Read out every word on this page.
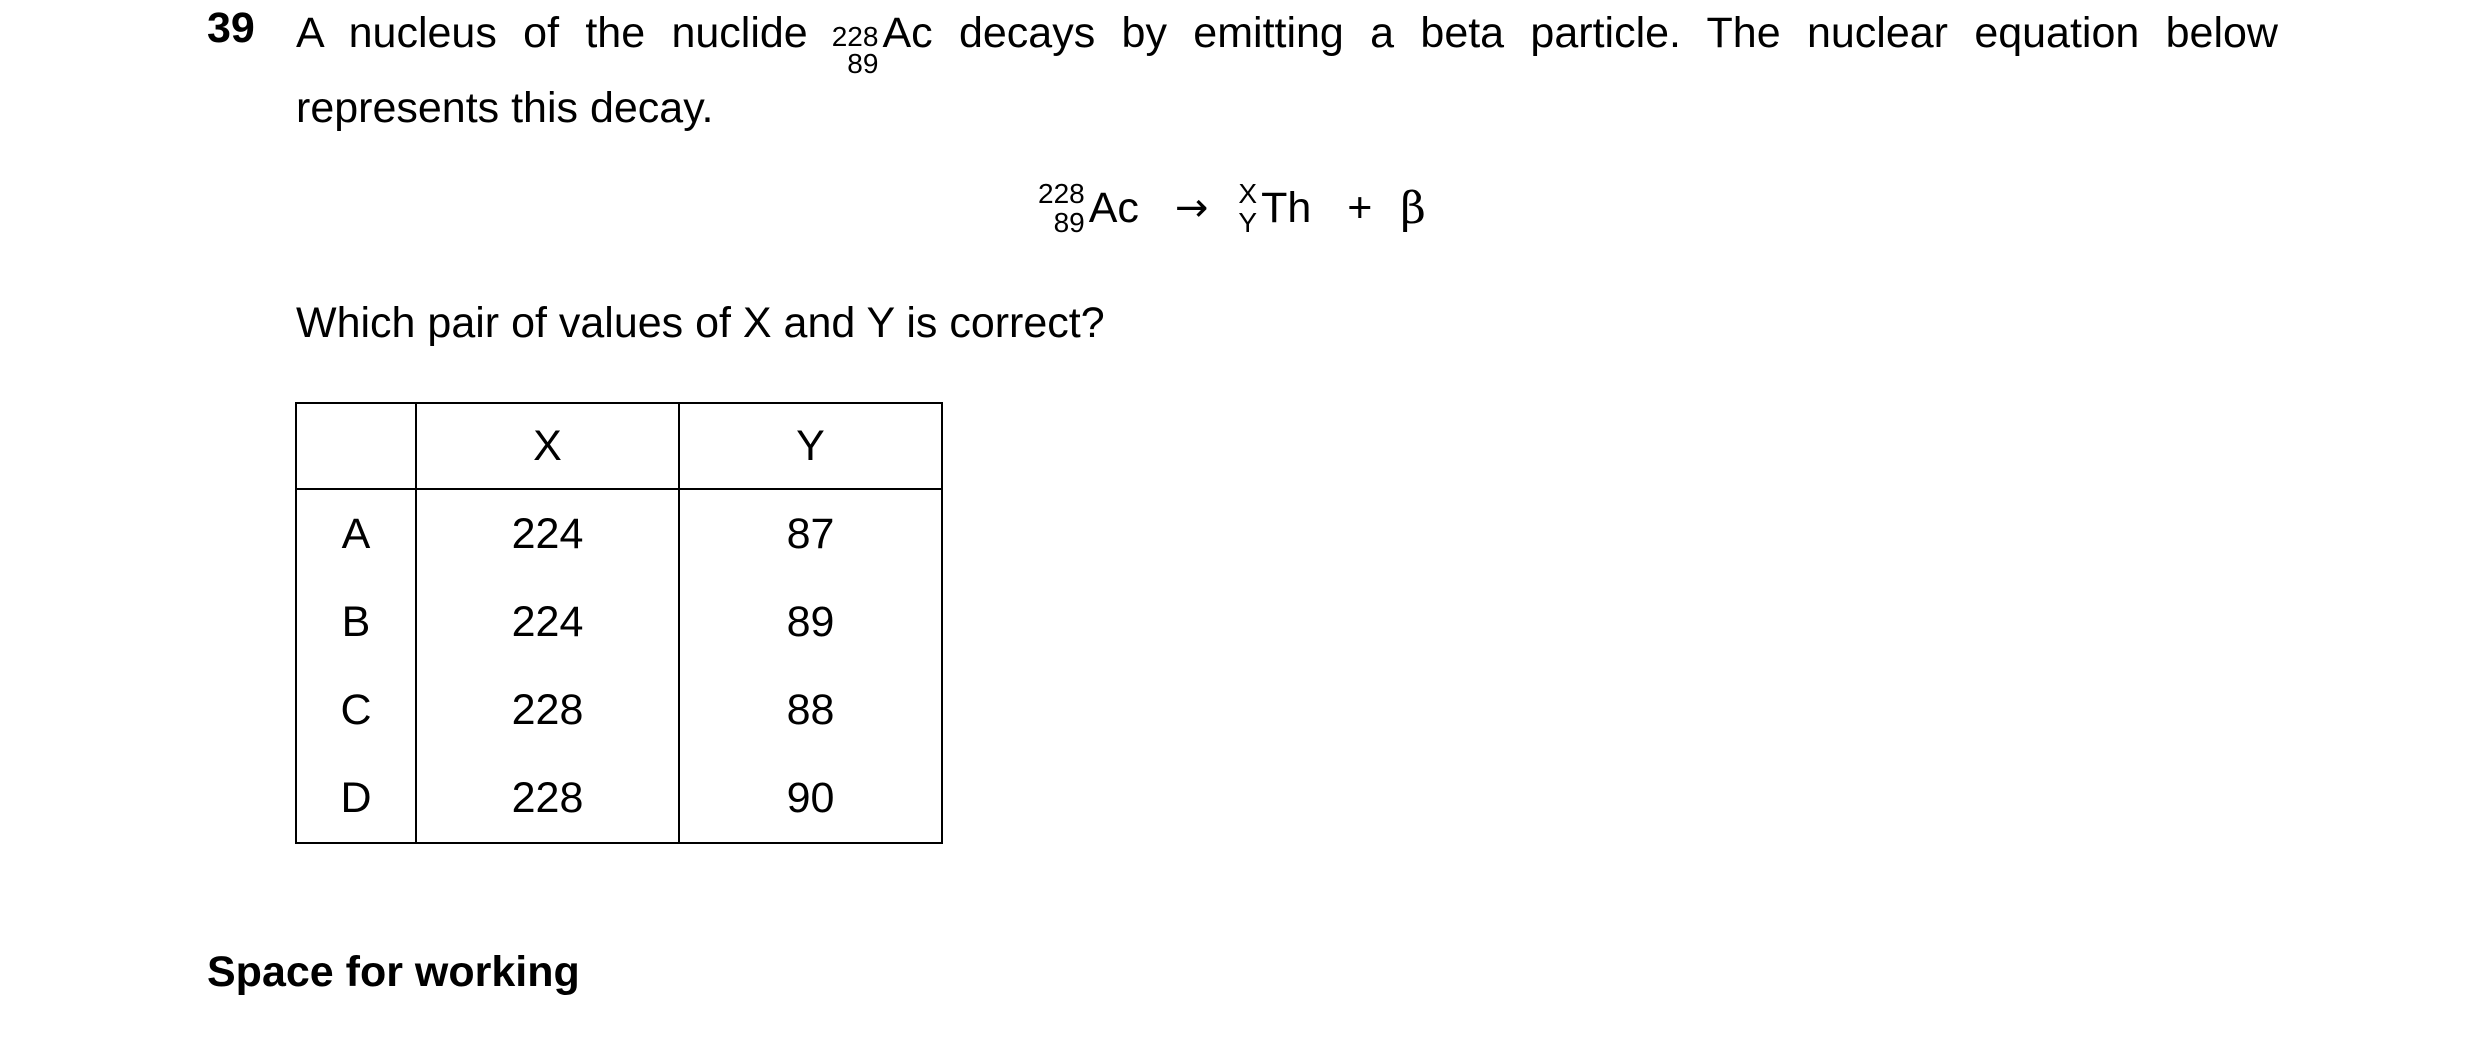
39 A nucleus of the nuclide 228
89
Ac decays by emitting a beta particle. The nuclear equation below represents this decay.
228
89 Ac → X
Y Th + β
Which pair of values of X and Y is correct?
	X	Y
A	224	87
B	224	89
C	228	88
D	228	90
Space for working
